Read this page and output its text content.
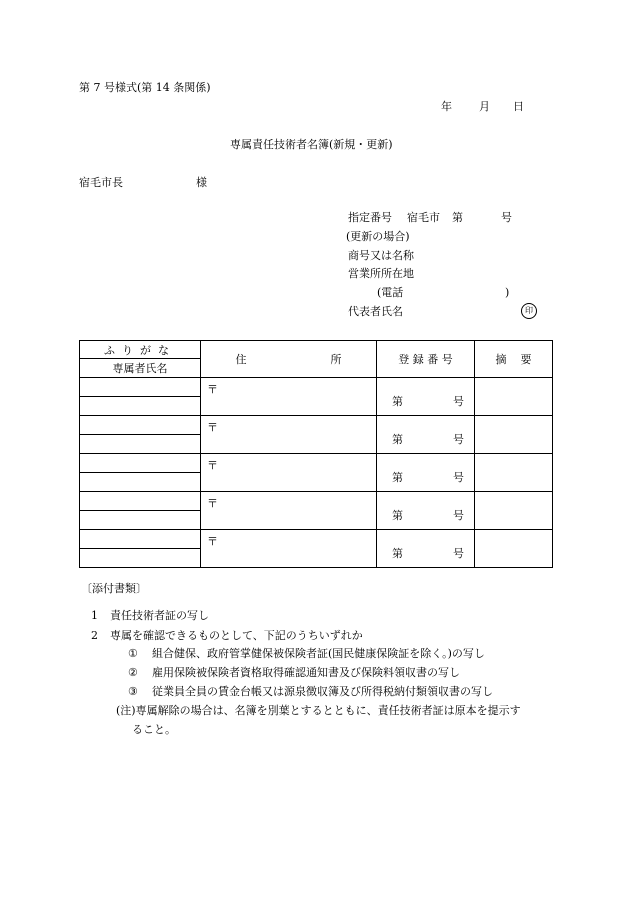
第 7 号様式(第 14 条関係)
年 月 日
専属責任技術者名簿(新規・更新)
宿毛市長	様
指定番号 宿毛市 第	号
(更新の場合)
商号又は名称
営業所所在地
(電話	)
代表者氏名	印
ふりがな	住 所	登 録 番 号	摘 要
専属者氏名			

	〒	第 号	

	〒	第 号	

	〒	第 号	

	〒	第 号	

	〒	第 号	

〔添付書類〕
1 責任技術者証の写し
2 専属を確認できるものとして、下記のうちいずれか
① 組合健保、政府管掌健保被保険者証(国民健康保険証を除く。)の写し
② 雇用保険被保険者資格取得確認通知書及び保険料領収書の写し
③ 従業員全員の賃金台帳又は源泉徴収簿及び所得税納付類領収書の写し
(注)専属解除の場合は、名簿を別葉とするとともに、責任技術者証は原本を提示す
ること。
